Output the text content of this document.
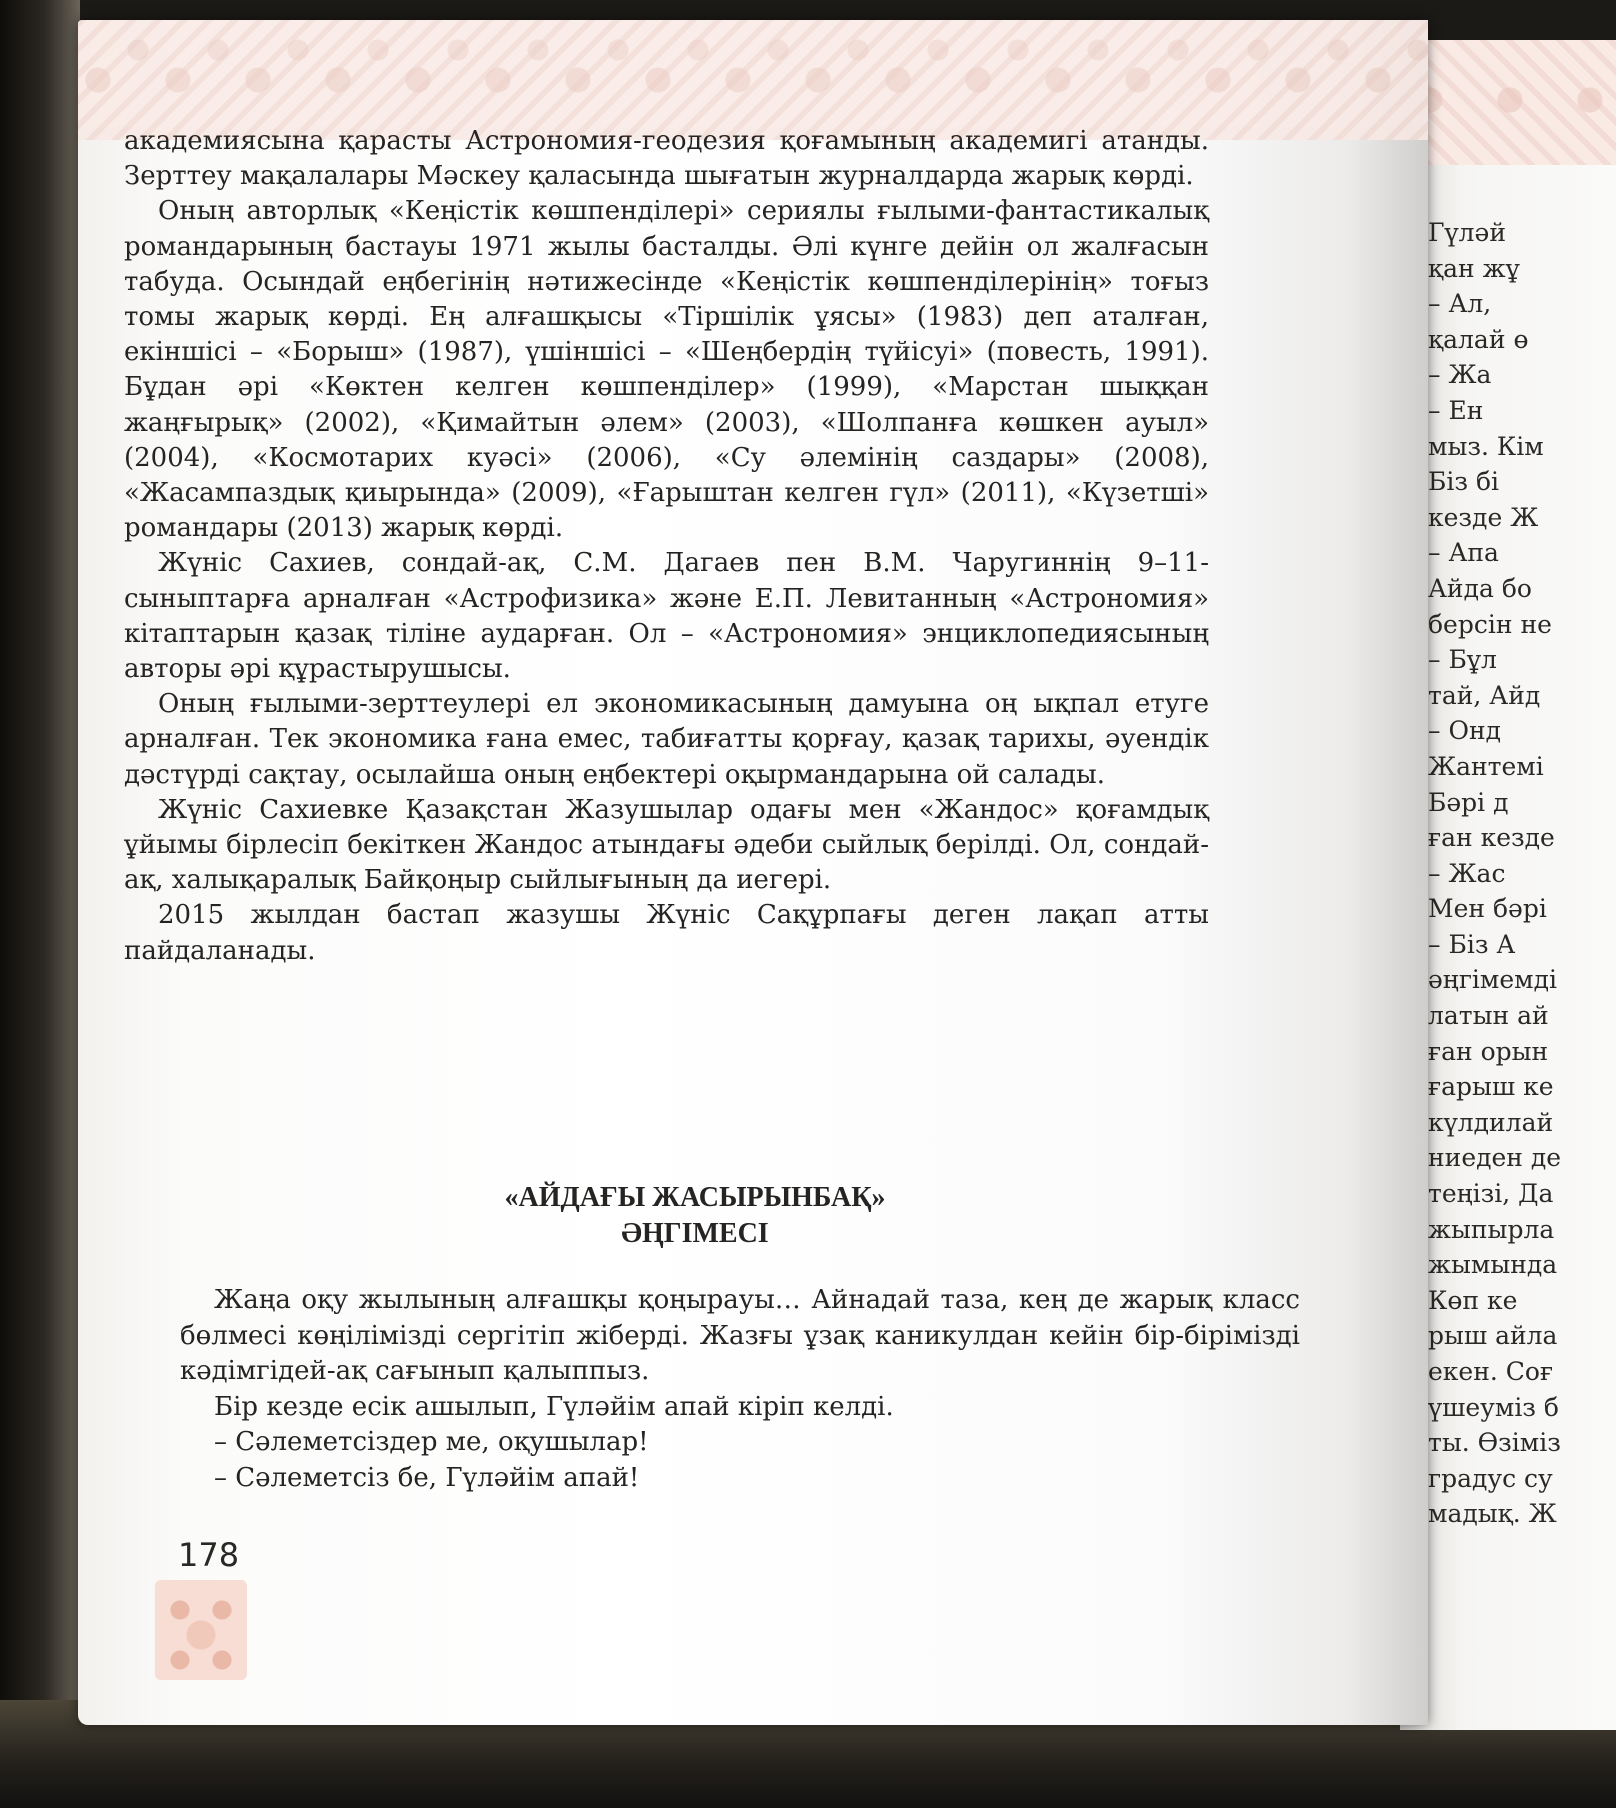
Гүләй
қан жұ
– Ал,
қалай ө
– Жа
– Ен
мыз. Кім
Біз бі
кезде Ж
– Апа
Айда бо
берсін не
– Бұл
тай, Айд
– Онд
Жантемі
Бәрі д
ған кезде
– Жас
Мен бәрі
– Біз А
әңгімемді
латын ай
ған орын
ғарыш ке
күлдилай
ниеден де
теңізі, Да
жыпырла
жымында
Көп ке
рыш айла
екен. Соғ
үшеуміз б
ты. Өзіміз
градус су
мадық. Ж

академиясына қарасты Астрономия-геодезия қоғамының академигі атанды. Зерттеу мақалалары Мәскеу қаласында шығатын журналдарда жарық көрді.

Оның авторлық «Кеңістік көшпенділері» сериялы ғылыми-фантастикалық романдарының бастауы 1971 жылы басталды. Әлі күнге дейін ол жалғасын табуда. Осындай еңбегінің нәтижесінде «Кеңістік көшпенділерінің» тоғыз томы жарық көрді. Ең алғашқысы «Тіршілік ұясы» (1983) деп аталған, екіншісі – «Борыш» (1987), үшіншісі – «Шеңбердің түйісуі» (повесть, 1991). Бұдан әрі «Көктен келген көшпенділер» (1999), «Марстан шыққан жаңғырық» (2002), «Қимайтын әлем» (2003), «Шолпанға көшкен ауыл» (2004), «Космотарих куәсі» (2006), «Су әлемінің саздары» (2008), «Жасампаздық қиырында» (2009), «Ғарыштан келген гүл» (2011), «Күзетші» романдары (2013) жарық көрді.

Жүніс Сахиев, сондай-ақ, С.М. Дагаев пен В.М. Чаругиннің 9–11-сыныптарға арналған «Астрофизика» және Е.П. Левитанның «Астрономия» кітаптарын қазақ тіліне аударған. Ол – «Астрономия» энциклопедиясының авторы әрі құрастырушысы.

Оның ғылыми-зерттеулері ел экономикасының дамуына оң ықпал етуге арналған. Тек экономика ғана емес, табиғатты қорғау, қазақ тарихы, әуендік дәстүрді сақтау, осылайша оның еңбектері оқырмандарына ой салады.

Жүніс Сахиевке Қазақстан Жазушылар одағы мен «Жандос» қоғамдық ұйымы бірлесіп бекіткен Жандос атындағы әдеби сыйлық берілді. Ол, сондай-ақ, халықаралық Байқоңыр сыйлығының да иегері.

2015 жылдан бастап жазушы Жүніс Сақұрпағы деген лақап атты пайдаланады.

«АЙДАҒЫ ЖАСЫРЫНБАҚ»
ӘҢГІМЕСІ

Жаңа оқу жылының алғашқы қоңырауы… Айнадай таза, кең де жарық класс бөлмесі көңілімізді сергітіп жіберді. Жазғы ұзақ каникулдан кейін бір-бірімізді кәдімгідей-ақ сағынып қалыппыз.

Бір кезде есік ашылып, Гүләйім апай кіріп келді.

– Сәлеметсіздер ме, оқушылар!

– Сәлеметсіз бе, Гүләйім апай!

178
